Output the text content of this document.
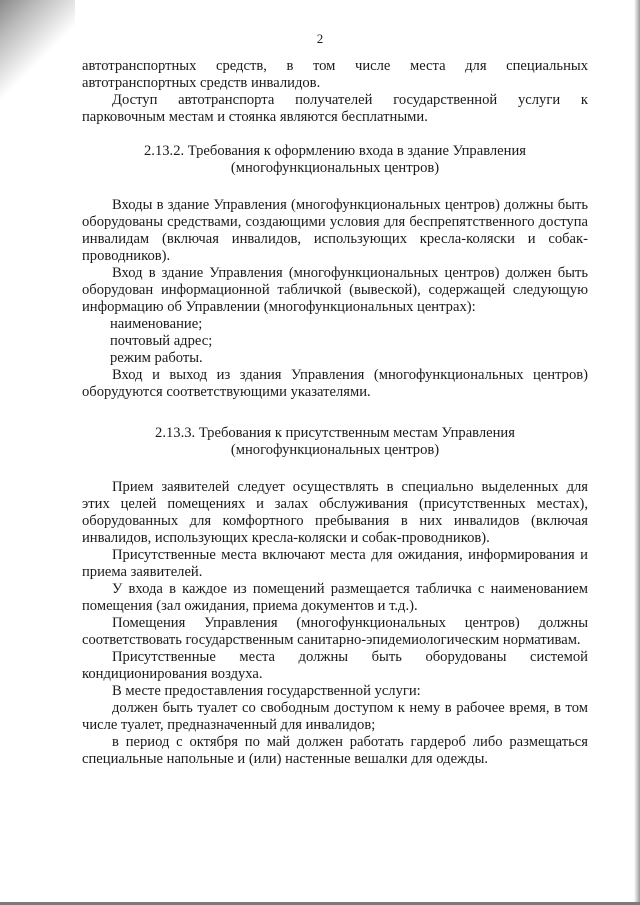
2

автотранспортных средств, в том числе места для специальных автотранспортных средств инвалидов.

Доступ автотранспорта получателей государственной услуги к парковочным местам и стоянка являются бесплатными.

2.13.2. Требования к оформлению входа в здание Управления (многофункциональных центров)

Входы в здание Управления (многофункциональных центров) должны быть оборудованы средствами, создающими условия для беспрепятственного доступа инвалидам (включая инвалидов, использующих кресла-коляски и собак-проводников).

Вход в здание Управления (многофункциональных центров) должен быть оборудован информационной табличкой (вывеской), содержащей следующую информацию об Управлении (многофункциональных центрах):

наименование;

почтовый адрес;

режим работы.

Вход и выход из здания Управления (многофункциональных центров) оборудуются соответствующими указателями.

2.13.3. Требования к присутственным местам Управления (многофункциональных центров)

Прием заявителей следует осуществлять в специально выделенных для этих целей помещениях и залах обслуживания (присутственных местах), оборудованных для комфортного пребывания в них инвалидов (включая инвалидов, использующих кресла-коляски и собак-проводников).

Присутственные места включают места для ожидания, информирования и приема заявителей.

У входа в каждое из помещений размещается табличка с наименованием помещения (зал ожидания, приема документов и т.д.).

Помещения Управления (многофункциональных центров) должны соответствовать государственным санитарно-эпидемиологическим нормативам.

Присутственные места должны быть оборудованы системой кондиционирования воздуха.

В месте предоставления государственной услуги:

должен быть туалет со свободным доступом к нему в рабочее время, в том числе туалет, предназначенный для инвалидов;

в период с октября по май должен работать гардероб либо размещаться специальные напольные и (или) настенные вешалки для одежды.
